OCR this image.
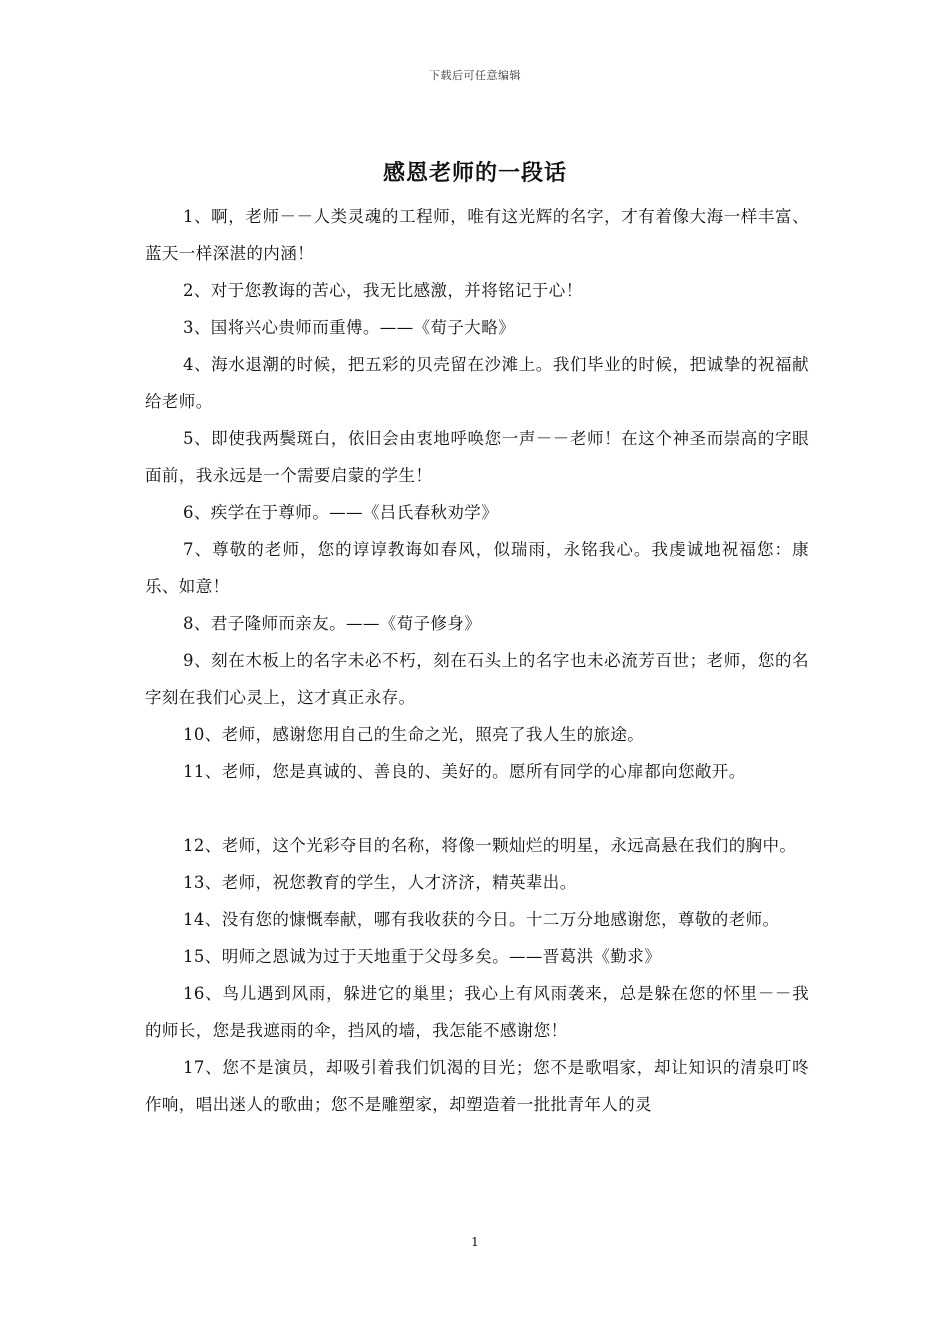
下载后可任意编辑
感恩老师的一段话

1、啊，老师－－人类灵魂的工程师，唯有这光辉的名字，才有着像大海一样丰富、蓝天一样深湛的内涵！

2、对于您教诲的苦心，我无比感激，并将铭记于心！

3、国将兴心贵师而重傅。——《荀子大略》

4、海水退潮的时候，把五彩的贝壳留在沙滩上。我们毕业的时候，把诚挚的祝福献给老师。

5、即使我两鬓斑白，依旧会由衷地呼唤您一声－－老师！在这个神圣而崇高的字眼面前，我永远是一个需要启蒙的学生！

6、疾学在于尊师。——《吕氏春秋劝学》

7、尊敬的老师，您的谆谆教诲如春风，似瑞雨，永铭我心。我虔诚地祝福您：康乐、如意！

8、君子隆师而亲友。——《荀子修身》

9、刻在木板上的名字未必不朽，刻在石头上的名字也未必流芳百世；老师，您的名字刻在我们心灵上，这才真正永存。

10、老师，感谢您用自己的生命之光，照亮了我人生的旅途。

11、老师，您是真诚的、善良的、美好的。愿所有同学的心扉都向您敞开。

12、老师，这个光彩夺目的名称，将像一颗灿烂的明星，永远高悬在我们的胸中。

13、老师，祝您教育的学生，人才济济，精英辈出。

14、没有您的慷慨奉献，哪有我收获的今日。十二万分地感谢您，尊敬的老师。

15、明师之恩诚为过于天地重于父母多矣。——晋葛洪《勤求》

16、鸟儿遇到风雨，躲进它的巢里；我心上有风雨袭来，总是躲在您的怀里－－我的师长，您是我遮雨的伞，挡风的墙，我怎能不感谢您！

17、您不是演员，却吸引着我们饥渴的目光；您不是歌唱家，却让知识的清泉叮咚作响，唱出迷人的歌曲；您不是雕塑家，却塑造着一批批青年人的灵

1
